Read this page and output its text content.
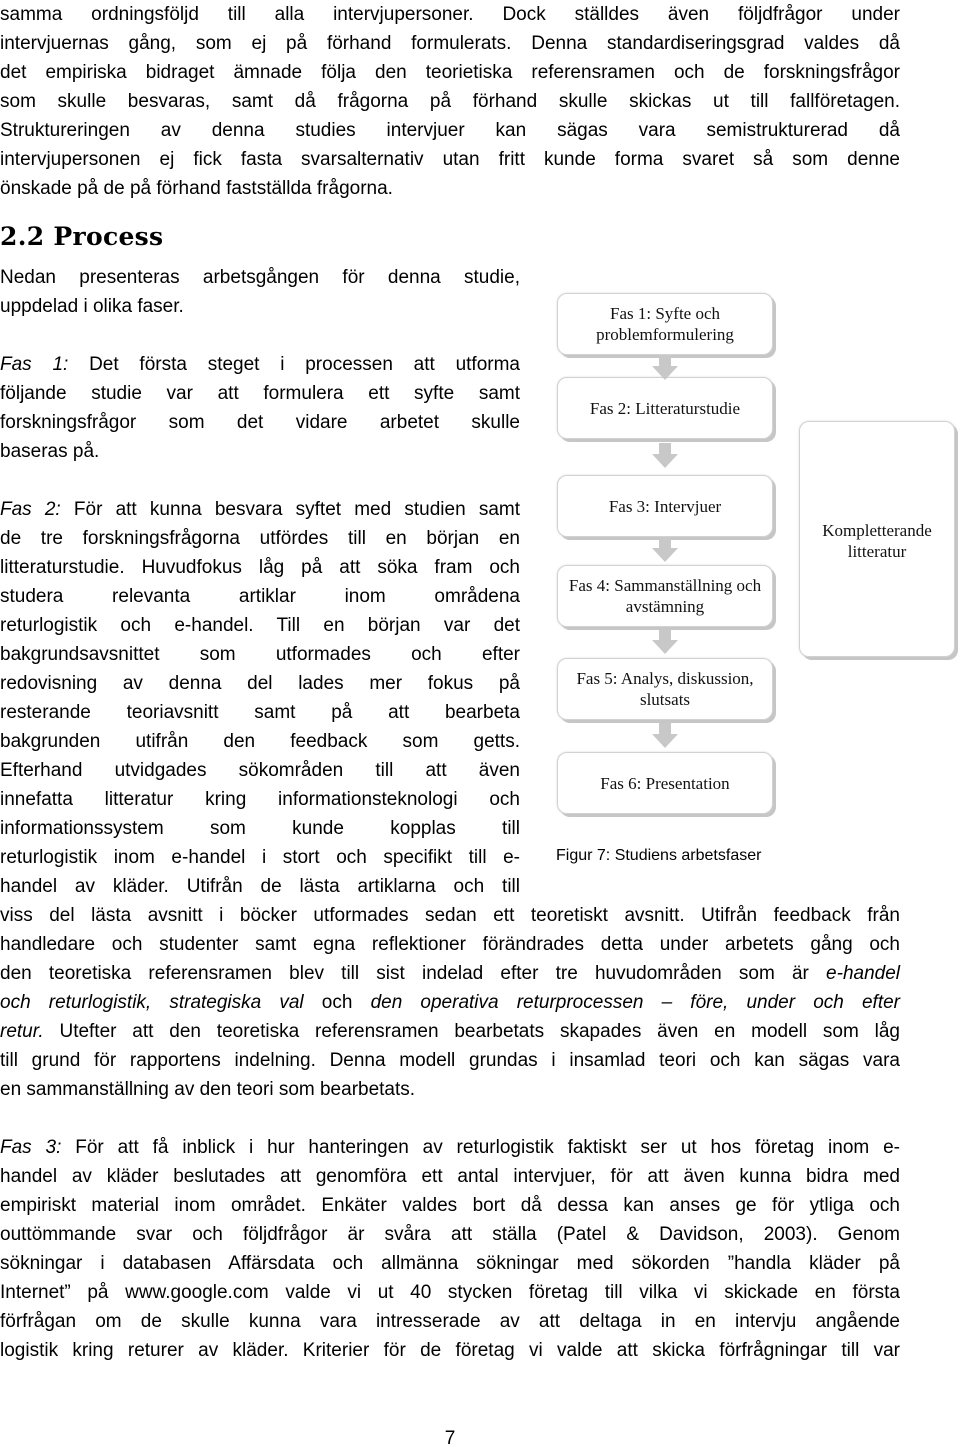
samma ordningsföljd till alla intervjupersoner. Dock ställdes även följdfrågor under
intervjuernas gång, som ej på förhand formulerats. Denna standardiseringsgrad valdes då
det empiriska bidraget ämnade följa den teorietiska referensramen och de forskningsfrågor
som skulle besvaras, samt då frågorna på förhand skulle skickas ut till fallföretagen.
Struktureringen av denna studies intervjuer kan sägas vara semistrukturerad då
intervjupersonen ej fick fasta svarsalternativ utan fritt kunde forma svaret så som denne
önskade på de på förhand fastställda frågorna.
2.2 Process
Nedan presenteras arbetsgången för denna studie,
uppdelad i olika faser.
Fas 1: Det första steget i processen att utforma
följande studie var att formulera ett syfte samt
forskningsfrågor som det vidare arbetet skulle
baseras på.
Fas 2: För att kunna besvara syftet med studien samt
de tre forskningsfrågorna utfördes till en början en
litteraturstudie. Huvudfokus låg på att söka fram och
studera relevanta artiklar inom områdena
returlogistik och e-handel. Till en början var det
bakgrundsavsnittet som utformades och efter
redovisning av denna del lades mer fokus på
resterande teoriavsnitt samt på att bearbeta
bakgrunden utifrån den feedback som getts.
Efterhand utvidgades sökområden till att även
innefatta litteratur kring informationsteknologi och
informationssystem som kunde kopplas till
returlogistik inom e-handel i stort och specifikt till e-
handel av kläder. Utifrån de lästa artiklarna och till
viss del lästa avsnitt i böcker utformades sedan ett teoretiskt avsnitt. Utifrån feedback från
handledare och studenter samt egna reflektioner förändrades detta under arbetets gång och
den teoretiska referensramen blev till sist indelad efter tre huvudområden som är e-handel
och returlogistik, strategiska val och den operativa returprocessen – före, under och efter
retur. Utefter att den teoretiska referensramen bearbetats skapades även en modell som låg
till grund för rapportens indelning. Denna modell grundas i insamlad teori och kan sägas vara
en sammanställning av den teori som bearbetats.
Fas 3: För att få inblick i hur hanteringen av returlogistik faktiskt ser ut hos företag inom e-
handel av kläder beslutades att genomföra ett antal intervjuer, för att även kunna bidra med
empiriskt material inom området. Enkäter valdes bort då dessa kan anses ge för ytliga och
outtömmande svar och följdfrågor är svåra att ställa (Patel & Davidson, 2003). Genom
sökningar i databasen Affärsdata och allmänna sökningar med sökorden ”handla kläder på
Internet” på www.google.com valde vi ut 40 stycken företag till vilka vi skickade en första
förfrågan om de skulle kunna vara intresserade av att deltaga in en intervju angående
logistik kring returer av kläder. Kriterier för de företag vi valde att skicka förfrågningar till var
Fas 1: Syfte och problemformulering
Fas 2: Litteraturstudie
Fas 3: Intervjuer
Fas 4: Sammanställning och avstämning
Fas 5: Analys, diskussion, slutsats
Fas 6: Presentation
Kompletterande litteratur
Figur 7: Studiens arbetsfaser
7
